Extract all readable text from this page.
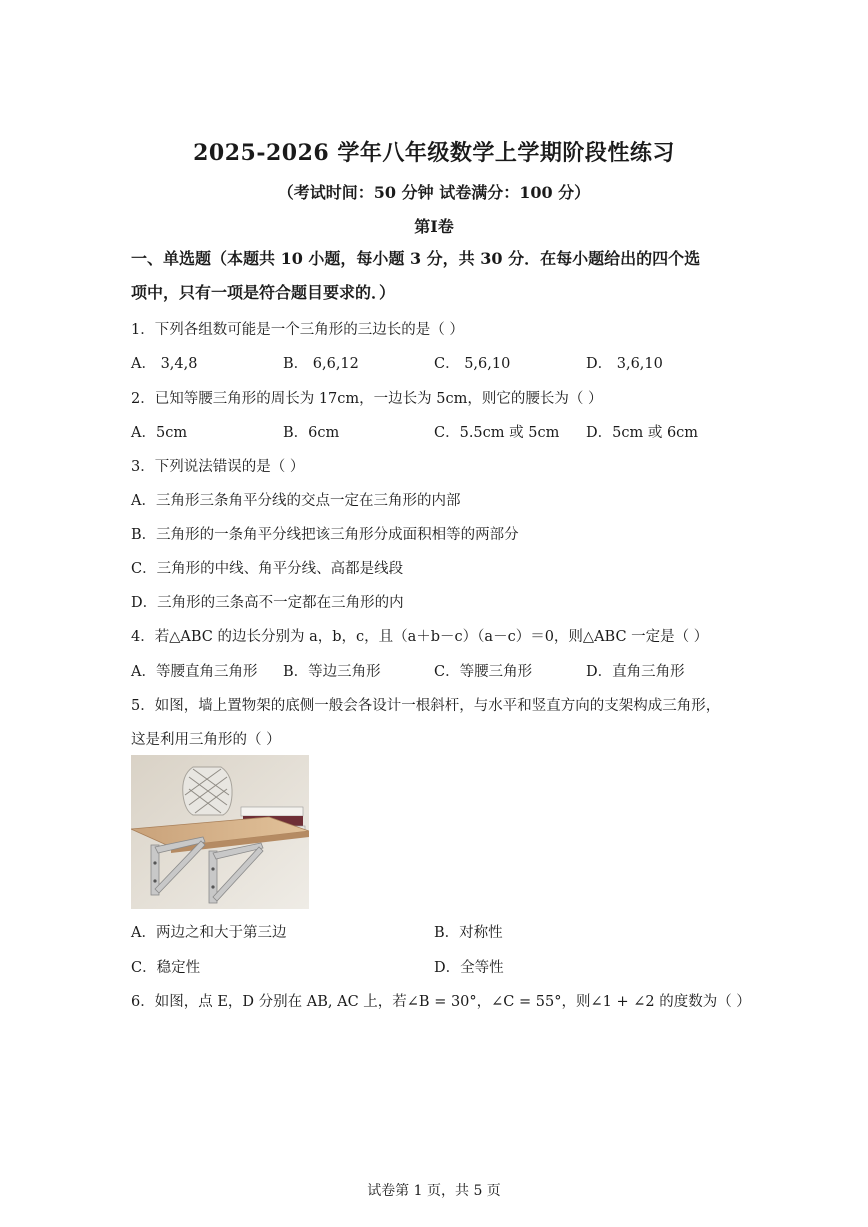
2025-2026 学年八年级数学上学期阶段性练习
（考试时间：50 分钟 试卷满分：100 分）
第I卷
一、单选题（本题共 10 小题，每小题 3 分，共 30 分．在每小题给出的四个选
项中，只有一项是符合题目要求的．）
1．下列各组数可能是一个三角形的三边长的是（ ）
A． 3,4,8	B． 6,6,12	C． 5,6,10	D． 3,6,10
2．已知等腰三角形的周长为 17cm，一边长为 5cm，则它的腰长为（ ）
A．5cm	B．6cm	C．5.5cm 或 5cm D．5cm 或 6cm
3．下列说法错误的是（ ）
A．三角形三条角平分线的交点一定在三角形的内部
B．三角形的一条角平分线把该三角形分成面积相等的两部分
C．三角形的中线、角平分线、高都是线段
D．三角形的三条高不一定都在三角形的内
4．若△ABC 的边长分别为 a，b，c，且（a＋b－c）（a－c）＝0，则△ABC 一定是（ ）
A．等腰直角三角形 B．等边三角形	C．等腰三角形	D．直角三角形
5．如图，墙上置物架的底侧一般会各设计一根斜杆，与水平和竖直方向的支架构成三角形，
这是利用三角形的（ ）
A．两边之和大于第三边	B．对称性
C．稳定性	D．全等性
6．如图，点 E，D 分别在 AB, AC 上，若∠B = 30°，∠C = 55°，则∠1 + ∠2 的度数为（ ）
试卷第 1 页，共 5 页
